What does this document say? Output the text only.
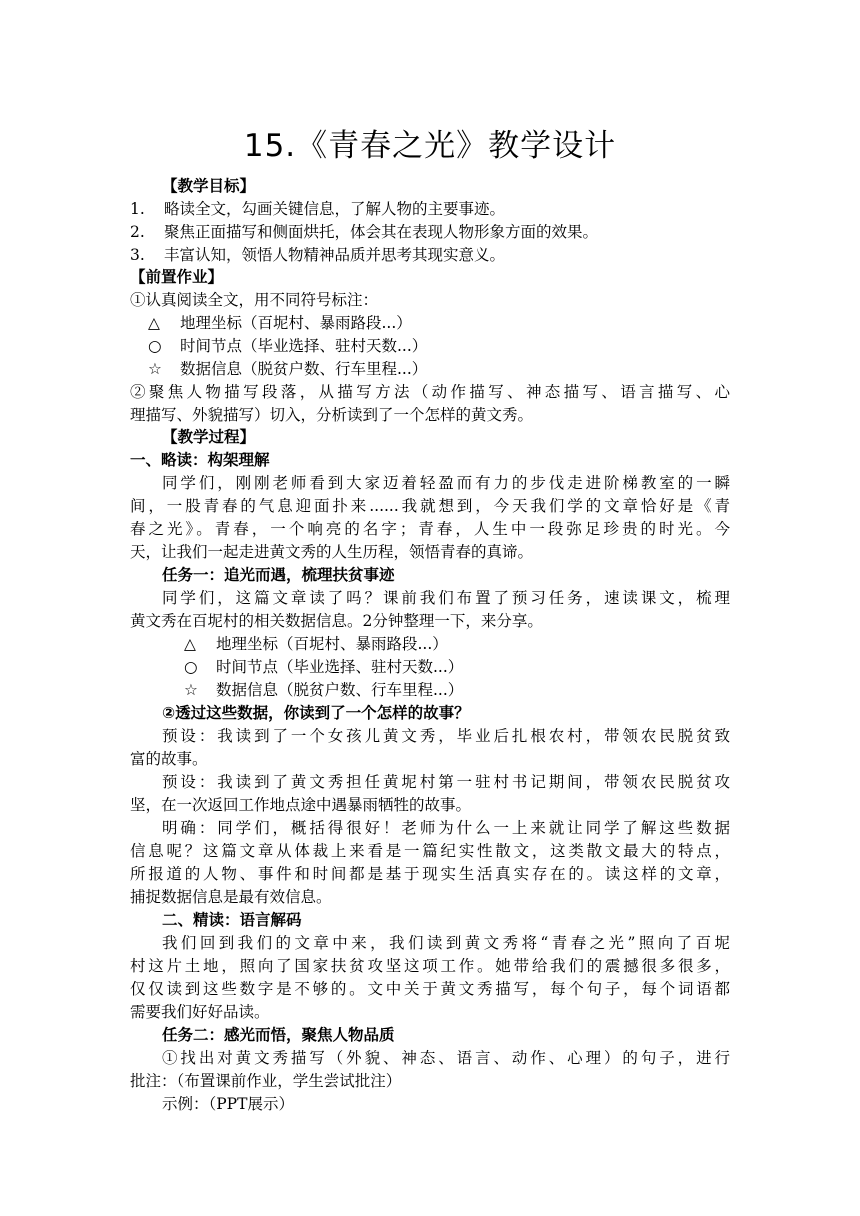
15.《青春之光》教学设计
【教学目标】
1. 略读全文，勾画关键信息，了解人物的主要事迹。
2. 聚焦正面描写和侧面烘托，体会其在表现人物形象方面的效果。
3. 丰富认知，领悟人物精神品质并思考其现实意义。
【前置作业】
①认真阅读全文，用不同符号标注：
△ 地理坐标（百坭村、暴雨路段...）
○ 时间节点（毕业选择、驻村天数...）
☆ 数据信息（脱贫户数、行车里程...）
②聚焦人物描写段落，从描写方法（动作描写、神态描写、语言描写、心
理描写、外貌描写）切入，分析读到了一个怎样的黄文秀。
【教学过程】
一、略读：构架理解
同学们，刚刚老师看到大家迈着轻盈而有力的步伐走进阶梯教室的一瞬
间，一股青春的气息迎面扑来......我就想到，今天我们学的文章恰好是《青
春之光》。青春，一个响亮的名字；青春，人生中一段弥足珍贵的时光。今
天，让我们一起走进黄文秀的人生历程，领悟青春的真谛。
任务一：追光而遇，梳理扶贫事迹
同学们，这篇文章读了吗？课前我们布置了预习任务，速读课文，梳理
黄文秀在百坭村的相关数据信息。2分钟整理一下，来分享。
△ 地理坐标（百坭村、暴雨路段...）
○ 时间节点（毕业选择、驻村天数...）
☆ 数据信息（脱贫户数、行车里程...）
②透过这些数据，你读到了一个怎样的故事？
预设：我读到了一个女孩儿黄文秀，毕业后扎根农村，带领农民脱贫致
富的故事。
预设：我读到了黄文秀担任黄坭村第一驻村书记期间，带领农民脱贫攻
坚，在一次返回工作地点途中遇暴雨牺牲的故事。
明确：同学们，概括得很好！老师为什么一上来就让同学了解这些数据
信息呢？这篇文章从体裁上来看是一篇纪实性散文，这类散文最大的特点，
所报道的人物、事件和时间都是基于现实生活真实存在的。读这样的文章，
捕捉数据信息是最有效信息。
二、精读：语言解码
我们回到我们的文章中来，我们读到黄文秀将“青春之光”照向了百坭
村这片土地，照向了国家扶贫攻坚这项工作。她带给我们的震撼很多很多，
仅仅读到这些数字是不够的。文中关于黄文秀描写，每个句子，每个词语都
需要我们好好品读。
任务二：感光而悟，聚焦人物品质
①找出对黄文秀描写（外貌、神态、语言、动作、心理）的句子，进行
批注：（布置课前作业，学生尝试批注）
示例：（PPT展示）
